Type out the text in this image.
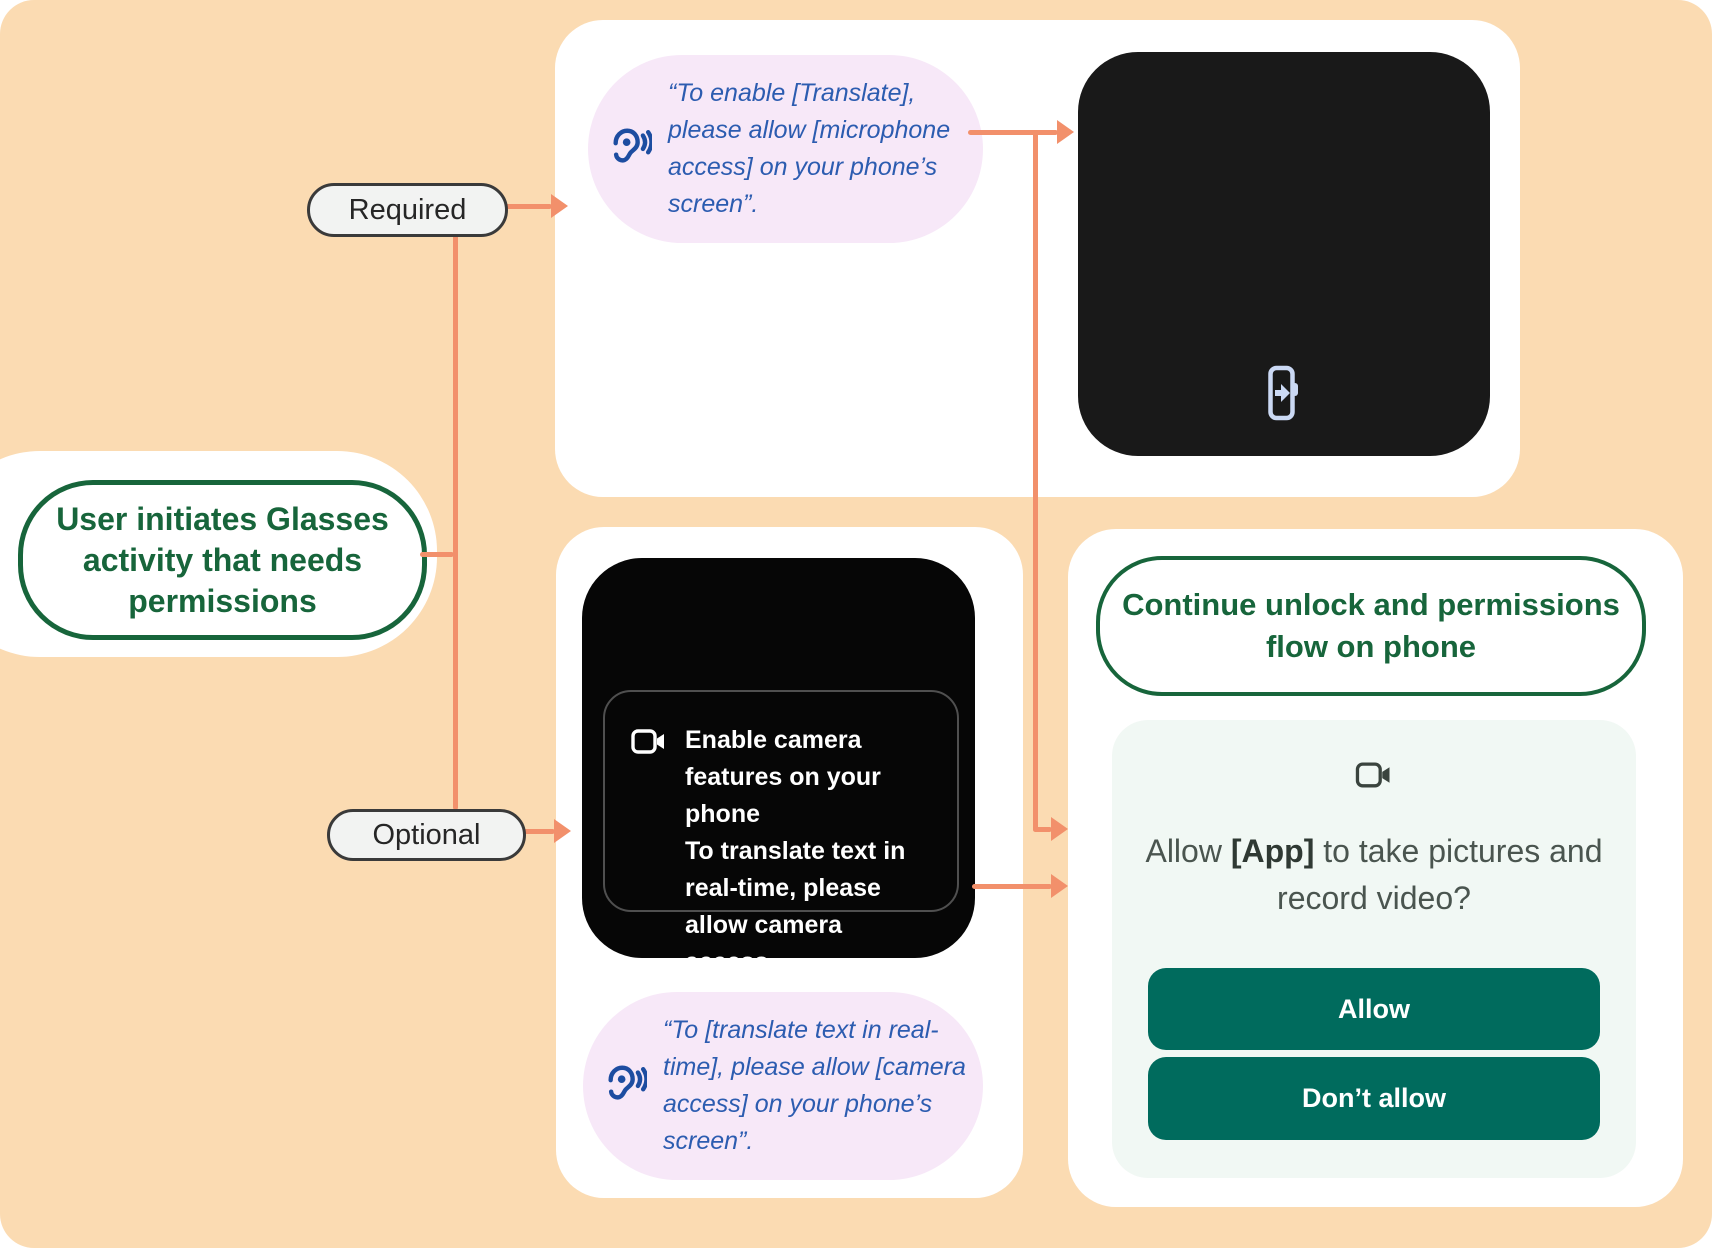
User initiates Glasses activity that needs permissions
Required
Optional
“To enable [Translate], please allow [microphone access] on your phone’s screen”.
Enable camera features on your phone
To translate text in real-time, please allow camera access.
“To [translate text in real-time], please allow [camera access] on your phone’s screen”.
Continue unlock and permissions flow on phone
Allow [App] to take pictures and record video?
Allow
Don’t allow
